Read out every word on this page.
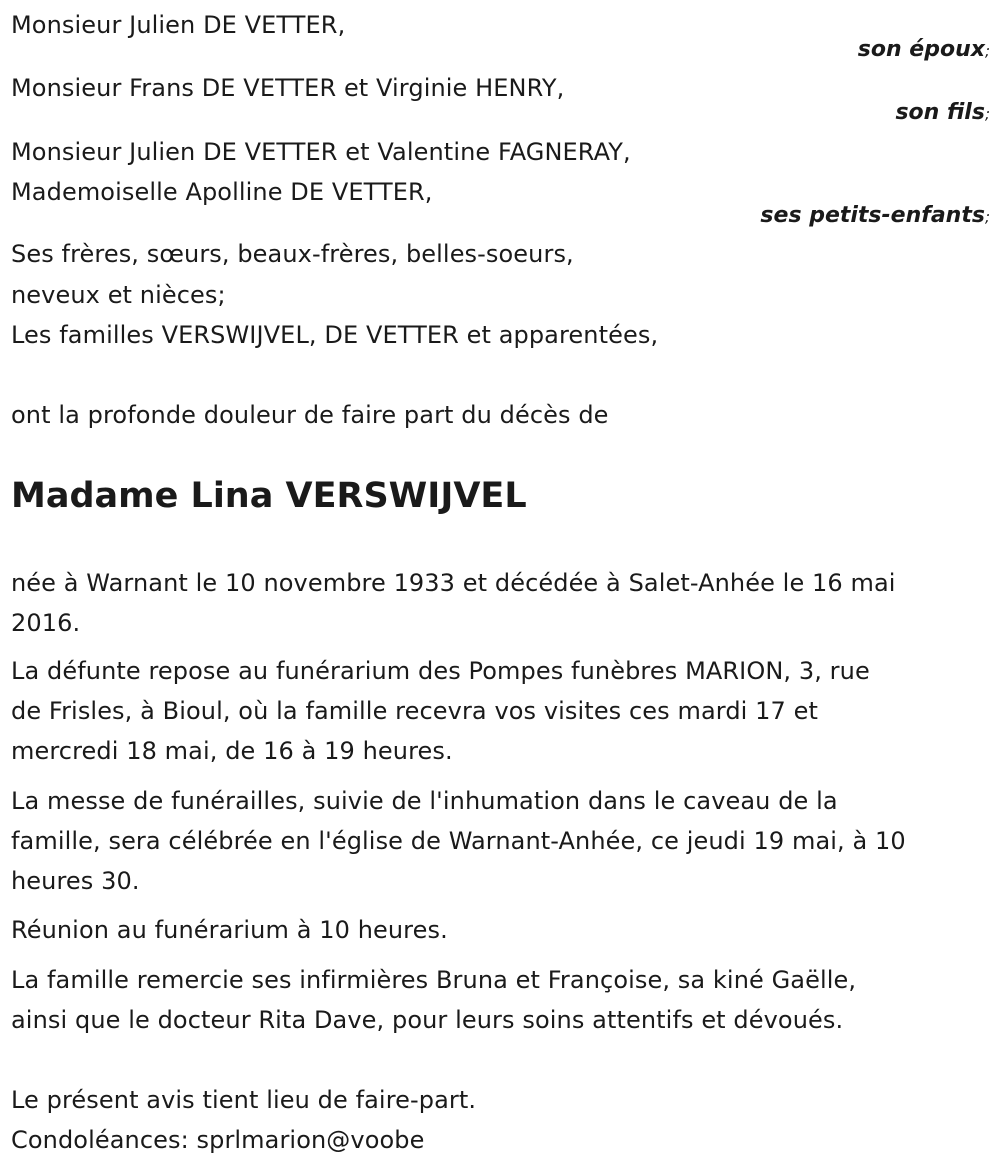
Monsieur Julien DE VETTER,
son époux;
Monsieur Frans DE VETTER et Virginie HENRY,
son fils;
Monsieur Julien DE VETTER et Valentine FAGNERAY,
Mademoiselle Apolline DE VETTER,
ses petits-enfants;
Ses frères, sœurs, beaux-frères, belles-soeurs,
neveux et nièces;
Les familles VERSWIJVEL, DE VETTER et apparentées,
ont la profonde douleur de faire part du décès de
Madame Lina VERSWIJVEL
née à Warnant le 10 novembre 1933 et décédée à Salet-Anhée le 16 mai
2016.
La défunte repose au funérarium des Pompes funèbres MARION, 3, rue
de Frisles, à Bioul, où la famille recevra vos visites ces mardi 17 et
mercredi 18 mai, de 16 à 19 heures.
La messe de funérailles, suivie de l'inhumation dans le caveau de la
famille, sera célébrée en l'église de Warnant-Anhée, ce jeudi 19 mai, à 10
heures 30.
Réunion au funérarium à 10 heures.
La famille remercie ses infirmières Bruna et Françoise, sa kiné Gaëlle,
ainsi que le docteur Rita Dave, pour leurs soins attentifs et dévoués.
Le présent avis tient lieu de faire-part.
Condoléances: sprlmarion@voobe
